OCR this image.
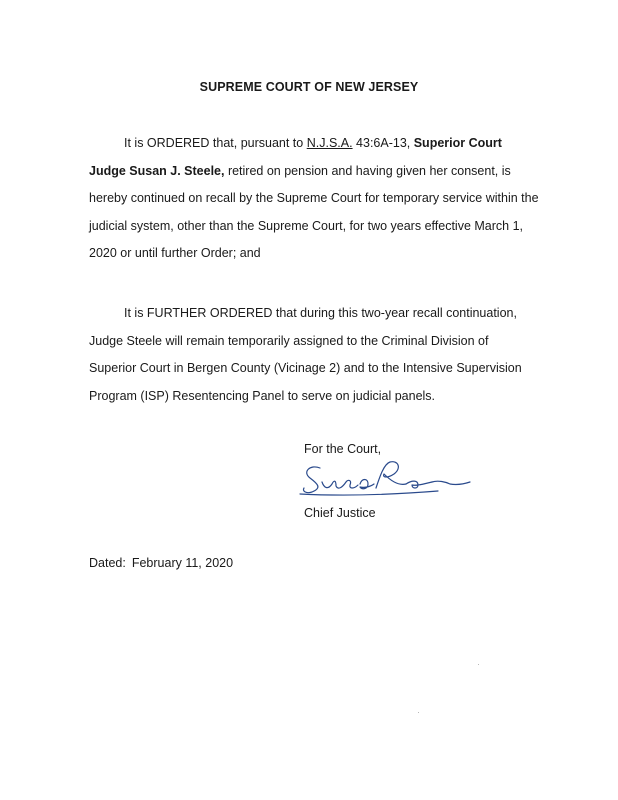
SUPREME COURT OF NEW JERSEY

It is ORDERED that, pursuant to N.J.S.A. 43:6A-13, Superior Court Judge Susan J. Steele, retired on pension and having given her consent, is hereby continued on recall by the Supreme Court for temporary service within the judicial system, other than the Supreme Court, for two years effective March 1, 2020 or until further Order; and

It is FURTHER ORDERED that during this two-year recall continuation, Judge Steele will remain temporarily assigned to the Criminal Division of Superior Court in Bergen County (Vicinage 2) and to the Intensive Supervision Program (ISP) Resentencing Panel to serve on judicial panels.

For the Court,
Chief Justice
Dated: February 11, 2020
